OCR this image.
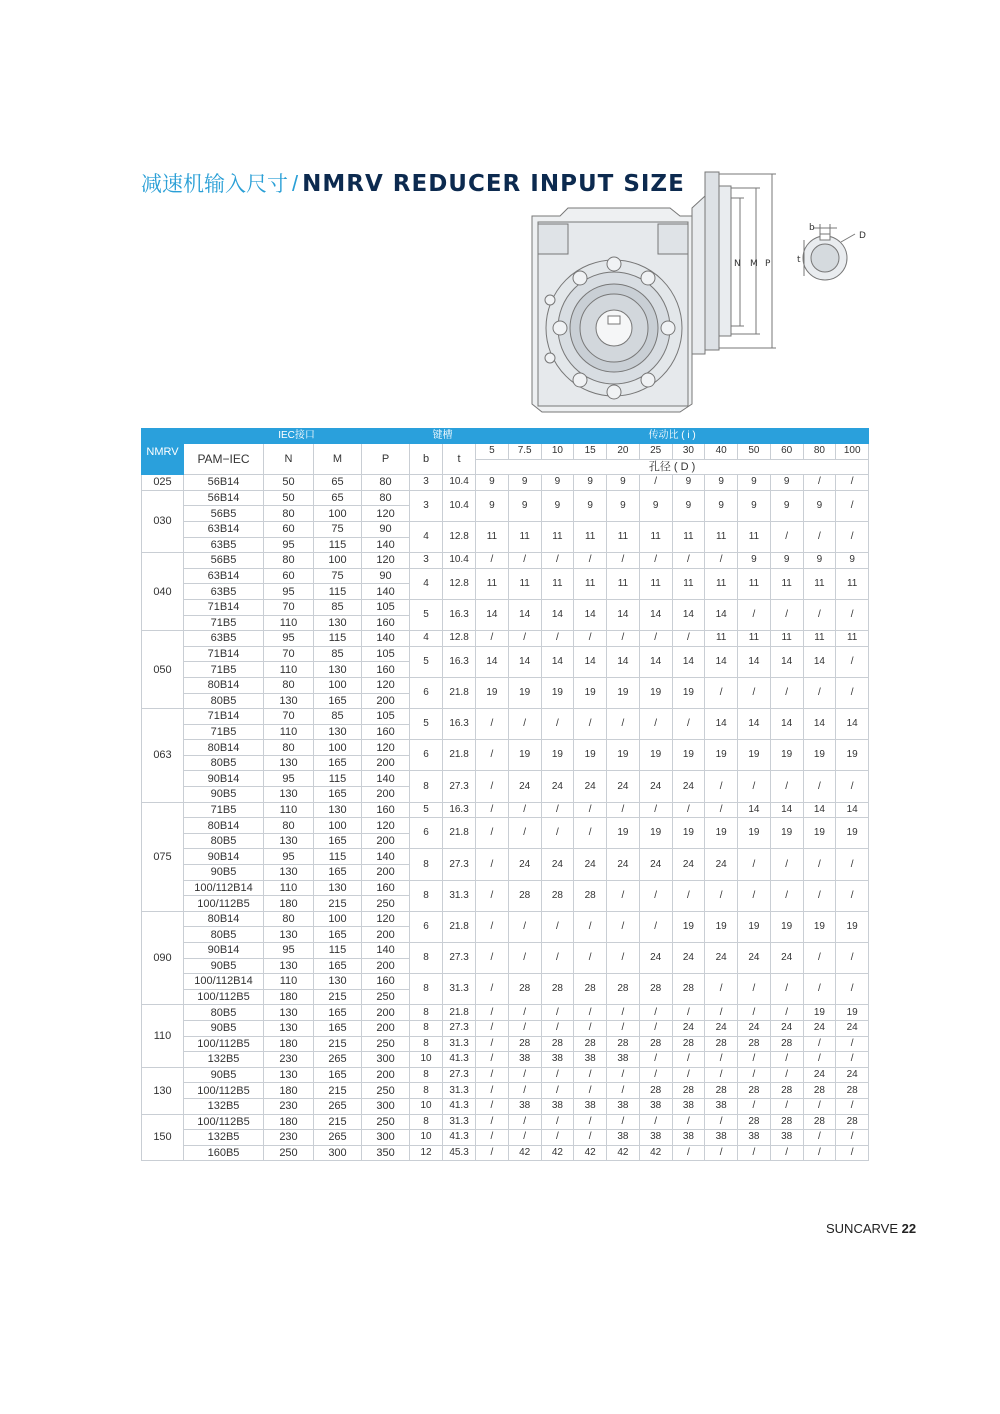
减速机输入尺寸 / NMRV REDUCER INPUT SIZE
N M P
b
D
t
NMRV	IEC接口				键槽		传动比 ( i )											
	PAM−IEC	N	M	P	b	t	5	7.5	10	15	20	25	30	40	50	60	80	100
							孔径 ( D )											
025	56B14	50	65	80	3	10.4	9	9	9	9	9	/	9	9	9	9	/	/
030	56B14	50	65	80	3	10.4	9	9	9	9	9	9	9	9	9	9	9	/
	56B5	80	100	120														
	63B14	60	75	90	4	12.8	11	11	11	11	11	11	11	11	11	/	/	/
	63B5	95	115	140														
040	56B5	80	100	120	3	10.4	/	/	/	/	/	/	/	/	9	9	9	9
	63B14	60	75	90	4	12.8	11	11	11	11	11	11	11	11	11	11	11	11
	63B5	95	115	140														
	71B14	70	85	105	5	16.3	14	14	14	14	14	14	14	14	/	/	/	/
	71B5	110	130	160														
050	63B5	95	115	140	4	12.8	/	/	/	/	/	/	/	11	11	11	11	11
	71B14	70	85	105	5	16.3	14	14	14	14	14	14	14	14	14	14	14	/
	71B5	110	130	160														
	80B14	80	100	120	6	21.8	19	19	19	19	19	19	19	/	/	/	/	/
	80B5	130	165	200														
063	71B14	70	85	105	5	16.3	/	/	/	/	/	/	/	14	14	14	14	14
	71B5	110	130	160														
	80B14	80	100	120	6	21.8	/	19	19	19	19	19	19	19	19	19	19	19
	80B5	130	165	200														
	90B14	95	115	140	8	27.3	/	24	24	24	24	24	24	/	/	/	/	/
	90B5	130	165	200														
075	71B5	110	130	160	5	16.3	/	/	/	/	/	/	/	/	14	14	14	14
	80B14	80	100	120	6	21.8	/	/	/	/	19	19	19	19	19	19	19	19
	80B5	130	165	200														
	90B14	95	115	140	8	27.3	/	24	24	24	24	24	24	24	/	/	/	/
	90B5	130	165	200														
	100/112B14	110	130	160	8	31.3	/	28	28	28	/	/	/	/	/	/	/	/
	100/112B5	180	215	250														
090	80B14	80	100	120	6	21.8	/	/	/	/	/	/	19	19	19	19	19	19
	80B5	130	165	200														
	90B14	95	115	140	8	27.3	/	/	/	/	/	24	24	24	24	24	/	/
	90B5	130	165	200														
	100/112B14	110	130	160	8	31.3	/	28	28	28	28	28	28	/	/	/	/	/
	100/112B5	180	215	250														
110	80B5	130	165	200	8	21.8	/	/	/	/	/	/	/	/	/	/	19	19
	90B5	130	165	200	8	27.3	/	/	/	/	/	/	24	24	24	24	24	24
	100/112B5	180	215	250	8	31.3	/	28	28	28	28	28	28	28	28	28	/	/
	132B5	230	265	300	10	41.3	/	38	38	38	38	/	/	/	/	/	/	/
130	90B5	130	165	200	8	27.3	/	/	/	/	/	/	/	/	/	/	24	24
	100/112B5	180	215	250	8	31.3	/	/	/	/	/	28	28	28	28	28	28	28
	132B5	230	265	300	10	41.3	/	38	38	38	38	38	38	38	/	/	/	/
150	100/112B5	180	215	250	8	31.3	/	/	/	/	/	/	/	/	28	28	28	28
	132B5	230	265	300	10	41.3	/	/	/	/	38	38	38	38	38	38	/	/
	160B5	250	300	350	12	45.3	/	42	42	42	42	42	/	/	/	/	/	/
SUNCARVE 22
